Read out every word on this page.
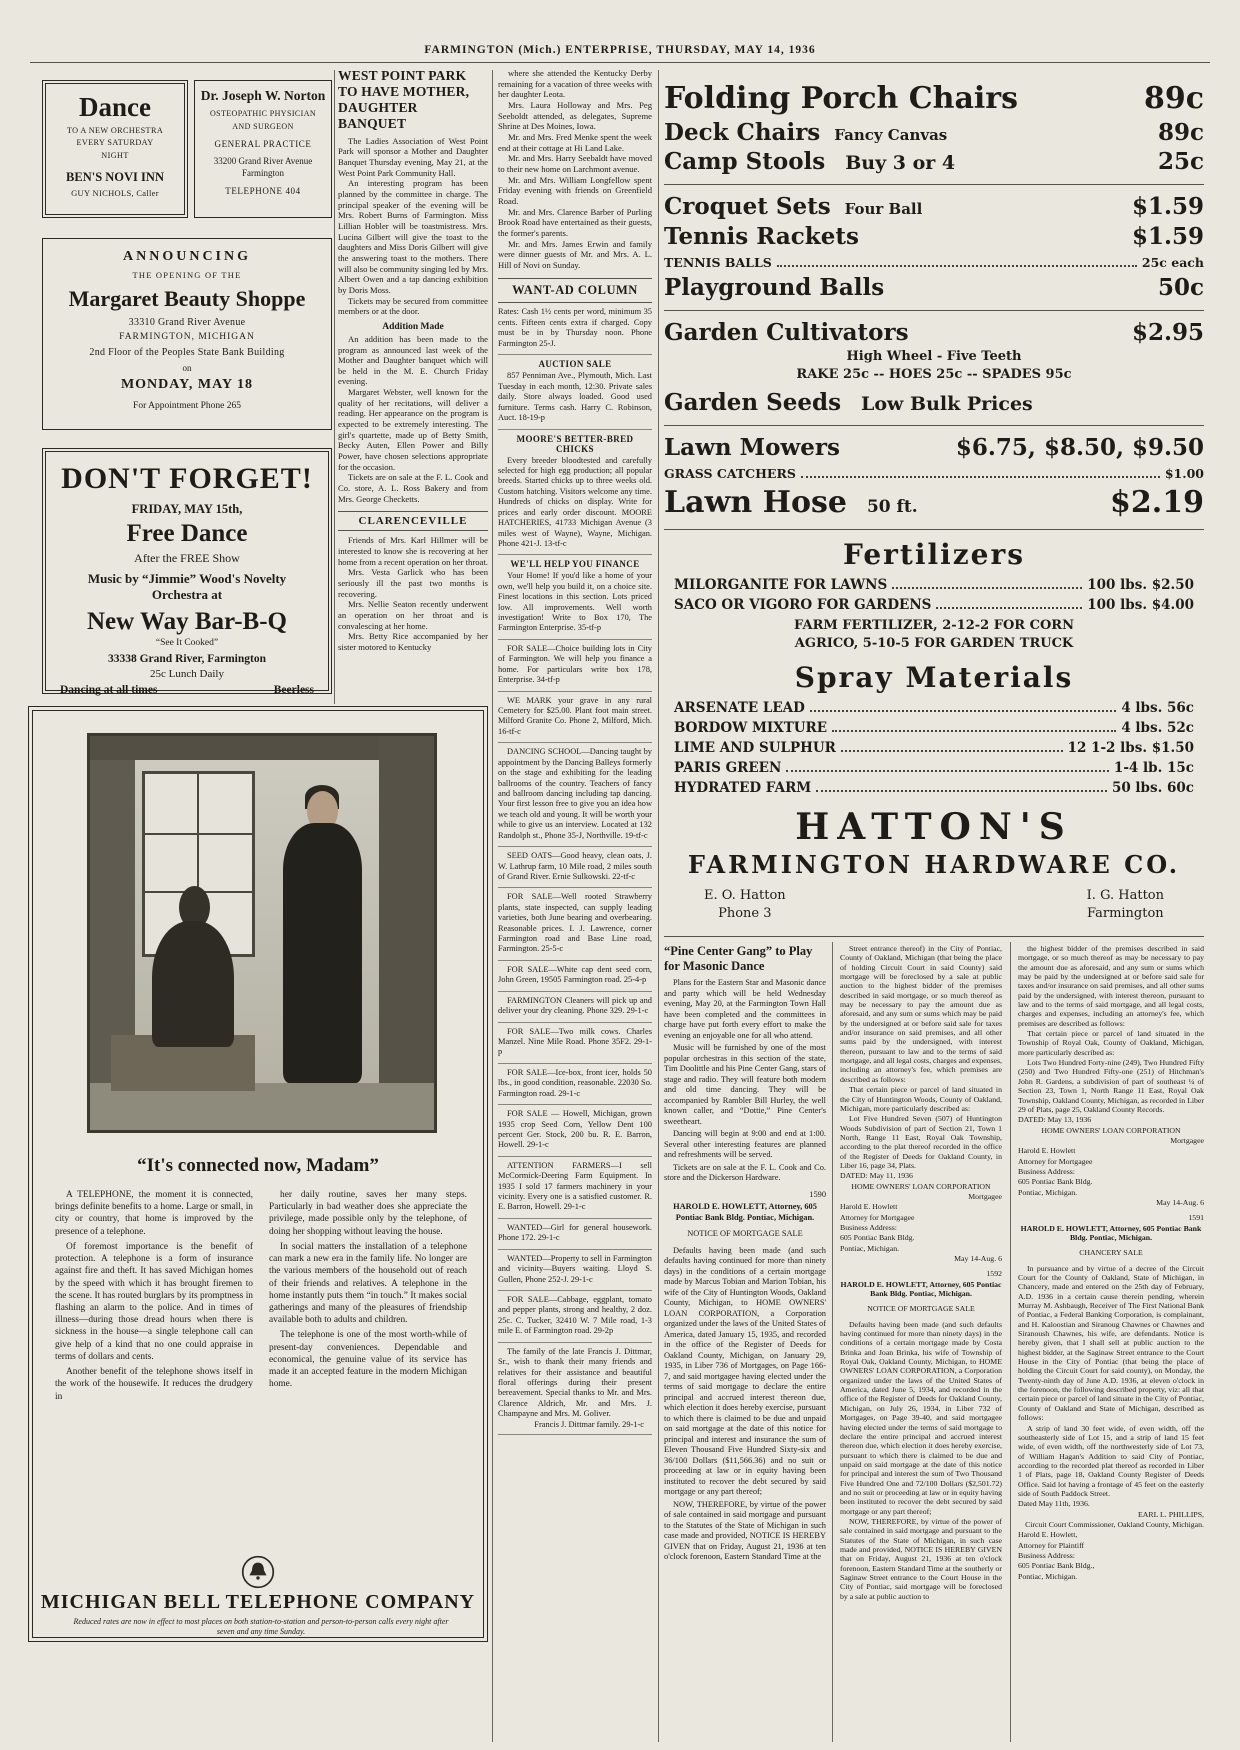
FARMINGTON (Mich.) ENTERPRISE, THURSDAY, MAY 14, 1936
Dance
TO A NEW ORCHESTRA EVERY SATURDAY NIGHT
BEN'S NOVI INN
GUY NICHOLS, Caller
Dr. Joseph W. Norton
OSTEOPATHIC PHYSICIAN AND SURGEON
GENERAL PRACTICE
33200 Grand River Avenue
Farmington
TELEPHONE 404
ANNOUNCING
THE OPENING OF THE
Margaret Beauty Shoppe
33310 Grand River Avenue
FARMINGTON, MICHIGAN
2nd Floor of the Peoples State Bank Building
on
MONDAY, MAY 18
For Appointment Phone 265
DON'T FORGET!
FRIDAY, MAY 15th,
Free Dance
After the FREE Show
Music by “Jimmie” Wood's Novelty Orchestra at
New Way Bar-B-Q
“See It Cooked”
33338 Grand River, Farmington
25c Lunch Daily
Dancing at all times	Beerless
“It's connected now, Madam”

A TELEPHONE, the moment it is connected, brings definite benefits to a home. Large or small, in city or country, that home is improved by the presence of a telephone.

Of foremost importance is the benefit of protection. A telephone is a form of insurance against fire and theft. It has saved Michigan homes by the speed with which it has brought firemen to the scene. It has routed burglars by its promptness in flashing an alarm to the police. And in times of illness—during those dread hours when there is sickness in the house—a single telephone call can give help of a kind that no one could appraise in terms of dollars and cents.

Another benefit of the telephone shows itself in the work of the housewife. It reduces the drudgery in

her daily routine, saves her many steps. Particularly in bad weather does she appreciate the privilege, made possible only by the telephone, of doing her shopping without leaving the house.

In social matters the installation of a telephone can mark a new era in the family life. No longer are the various members of the household out of reach of their friends and relatives. A telephone in the home instantly puts them “in touch.” It makes social gatherings and many of the pleasures of friendship available both to adults and children.

The telephone is one of the most worth-while of present-day conveniences. Dependable and economical, the genuine value of its service has made it an accepted feature in the modern Michigan home.

MICHIGAN BELL TELEPHONE COMPANY
Reduced rates are now in effect to most places on both station-to-station and person-to-person calls every night after seven and any time Sunday.
WEST POINT PARK TO HAVE MOTHER, DAUGHTER BANQUET

The Ladies Association of West Point Park will sponsor a Mother and Daughter Banquet Thursday evening, May 21, at the West Point Park Community Hall.

An interesting program has been planned by the committee in charge. The principal speaker of the evening will be Mrs. Robert Burns of Farmington. Miss Lillian Hobler will be toastmistress. Mrs. Lucina Gilbert will give the toast to the daughters and Miss Doris Gilbert will give the answering toast to the mothers. There will also be community singing led by Mrs. Albert Owen and a tap dancing exhibition by Doris Moss.

Tickets may be secured from committee members or at the door.

Addition Made

An addition has been made to the program as announced last week of the Mother and Daughter banquet which will be held in the M. E. Church Friday evening.

Margaret Webster, well known for the quality of her recitations, will deliver a reading. Her appearance on the program is expected to be extremely interesting. The girl's quartette, made up of Betty Smith, Becky Auten, Ellen Power and Billy Power, have chosen selections appropriate for the occasion.

Tickets are on sale at the F. L. Cook and Co. store, A. L. Ross Bakery and from Mrs. George Checketts.

CLARENCEVILLE

Friends of Mrs. Karl Hillmer will be interested to know she is recovering at her home from a recent operation on her throat.

Mrs. Vesta Garlick who has been seriously ill the past two months is recovering.

Mrs. Nellie Seaton recently underwent an operation on her throat and is convalescing at her home.

Mrs. Betty Rice accompanied by her sister motored to Kentucky

where she attended the Kentucky Derby remaining for a vacation of three weeks with her daughter Leota.

Mrs. Laura Holloway and Mrs. Peg Seeboldt attended, as delegates, Supreme Shrine at Des Moines, Iowa.

Mr. and Mrs. Fred Menke spent the week end at their cottage at Hi Land Lake.

Mr. and Mrs. Harry Seebaldt have moved to their new home on Larchmont avenue.

Mr. and Mrs. William Longfellow spent Friday evening with friends on Greenfield Road.

Mr. and Mrs. Clarence Barber of Purling Brook Road have entertained as their guests, the former's parents.

Mr. and Mrs. James Erwin and family were dinner guests of Mr. and Mrs. A. L. Hill of Novi on Sunday.

WANT-AD COLUMN

Rates: Cash 1½ cents per word, minimum 35 cents. Fifteen cents extra if charged. Copy must be in by Thursday noon. Phone Farmington 25-J.

AUCTION SALE

857 Penniman Ave., Plymouth, Mich. Last Tuesday in each month, 12:30. Private sales daily. Store always loaded. Good used furniture. Terms cash. Harry C. Robinson, Auct. 18-19-p

MOORE'S BETTER-BRED CHICKS

Every breeder bloodtested and carefully selected for high egg production; all popular breeds. Started chicks up to three weeks old. Custom hatching. Visitors welcome any time. Hundreds of chicks on display. Write for prices and early order discount. MOORE HATCHERIES, 41733 Michigan Avenue (3 miles west of Wayne), Wayne, Michigan. Phone 421-J. 13-tf-c

WE'LL HELP YOU FINANCE

Your Home! If you'd like a home of your own, we'll help you build it, on a choice site. Finest locations in this section. Lots priced low. All improvements. Well worth investigation! Write to Box 170, The Farmington Enterprise. 35-tf-p

FOR SALE—Choice building lots in City of Farmington. We will help you finance a home. For particulars write box 178, Enterprise. 34-tf-p

WE MARK your grave in any rural Cemetery for $25.00. Plant foot main street. Milford Granite Co. Phone 2, Milford, Mich. 16-tf-c

DANCING SCHOOL—Dancing taught by appointment by the Dancing Balleys formerly on the stage and exhibiting for the leading ballrooms of the country. Teachers of fancy and ballroom dancing including tap dancing. Your first lesson free to give you an idea how we teach old and young. It will be worth your while to give us an interview. Located at 132 Randolph st., Phone 35-J, Northville. 19-tf-c

SEED OATS—Good heavy, clean oats, J. W. Lathrup farm, 10 Mile road, 2 miles south of Grand River. Ernie Sulkowski. 22-tf-c

FOR SALE—Well rooted Strawberry plants, state inspected, can supply leading varieties, both June bearing and overbearing. Reasonable prices. I. J. Lawrence, corner Farmington road and Base Line road, Farmington. 25-5-c

FOR SALE—White cap dent seed corn, John Green, 19505 Farmington road. 25-4-p

FARMINGTON Cleaners will pick up and deliver your dry cleaning. Phone 329. 29-1-c

FOR SALE—Two milk cows. Charles Manzel. Nine Mile Road. Phone 35F2. 29-1-p

FOR SALE—Ice-box, front icer, holds 50 lbs., in good condition, reasonable. 22030 So. Farmington road. 29-1-c

FOR SALE — Howell, Michigan, grown 1935 crop Seed Corn, Yellow Dent 100 percent Ger. Stock, 200 bu. R. E. Barron, Howell. 29-1-c

ATTENTION FARMERS—I sell McCormick-Deering Farm Equipment. In 1935 I sold 17 farmers machinery in your vicinity. Every one is a satisfied customer. R. E. Barron, Howell. 29-1-c

WANTED—Girl for general housework. Phone 172. 29-1-c

WANTED—Property to sell in Farmington and vicinity—Buyers waiting. Lloyd S. Gullen, Phone 252-J. 29-1-c

FOR SALE—Cabbage, eggplant, tomato and pepper plants, strong and healthy, 2 doz. 25c. C. Tucker, 32410 W. 7 Mile road, 1-3 mile E. of Farmington road. 29-2p

The family of the late Francis J. Dittmar, Sr., wish to thank their many friends and relatives for their assistance and beautiful floral offerings during their present bereavement. Special thanks to Mr. and Mrs. Clarence Aldrich, Mr. and Mrs. J. Champayne and Mrs. M. Goliver.

Francis J. Dittmar family. 29-1-c
Folding Porch Chairs	89c
Deck Chairs Fancy Canvas	89c
Camp Stools Buy 3 or 4	25c
Croquet Sets Four Ball	$1.59
Tennis Rackets	$1.59
TENNIS BALLS	25c each
Playground Balls	50c
Garden Cultivators	$2.95
High Wheel - Five Teeth
RAKE 25c -- HOES 25c -- SPADES 95c
Garden Seeds Low Bulk Prices
Lawn Mowers	$6.75, $8.50, $9.50
GRASS CATCHERS	$1.00
Lawn Hose 50 ft.	$2.19
Fertilizers
MILORGANITE FOR LAWNS	100 lbs. $2.50
SACO OR VIGORO FOR GARDENS	100 lbs. $4.00
FARM FERTILIZER, 2-12-2 FOR CORN
AGRICO, 5-10-5 FOR GARDEN TRUCK
Spray Materials
ARSENATE LEAD	4 lbs. 56c
BORDOW MIXTURE	4 lbs. 52c
LIME AND SULPHUR	12 1-2 lbs. $1.50
PARIS GREEN	1-4 lb. 15c
HYDRATED FARM	50 lbs. 60c
HATTON'S
FARMINGTON HARDWARE CO.
E. O. Hatton
Phone 3
I. G. Hatton
Farmington
“Pine Center Gang” to Play for Masonic Dance

Plans for the Eastern Star and Masonic dance and party which will be held Wednesday evening, May 20, at the Farmington Town Hall have been completed and the committees in charge have put forth every effort to make the evening an enjoyable one for all who attend.

Music will be furnished by one of the most popular orchestras in this section of the state, Tim Doolittle and his Pine Center Gang, stars of stage and radio. They will feature both modern and old time dancing. They will be accompanied by Rambler Bill Hurley, the well known caller, and “Dottie,” Pine Center's sweetheart.

Dancing will begin at 9:00 and end at 1:00. Several other interesting features are planned and refreshments will be served.

Tickets are on sale at the F. L. Cook and Co. store and the Dickerson Hardware.

1590

HAROLD E. HOWLETT, Attorney, 605 Pontiac Bank Bldg. Pontiac, Michigan.

NOTICE OF MORTGAGE SALE

Defaults having been made (and such defaults having continued for more than ninety days) in the conditions of a certain mortgage made by Marcus Tobian and Marion Tobian, his wife of the City of Huntington Woods, Oakland County, Michigan, to HOME OWNERS' LOAN CORPORATION, a Corporation organized under the laws of the United States of America, dated January 15, 1935, and recorded in the office of the Register of Deeds for Oakland County, Michigan, on January 29, 1935, in Liber 736 of Mortgages, on Page 166-7, and said mortgagee having elected under the terms of said mortgage to declare the entire principal and accrued interest thereon due, which election it does hereby exercise, pursuant to which there is claimed to be due and unpaid on said mortgage at the date of this notice for principal and interest and insurance the sum of Eleven Thousand Five Hundred Sixty-six and 36/100 Dollars ($11,566.36) and no suit or proceeding at law or in equity having been instituted to recover the debt secured by said mortgage or any part thereof;

NOW, THEREFORE, by virtue of the power of sale contained in said mortgage and pursuant to the Statutes of the State of Michigan in such case made and provided, NOTICE IS HEREBY GIVEN that on Friday, August 21, 1936 at ten o'clock forenoon, Eastern Standard Time at the

Street entrance thereof) in the City of Pontiac, County of Oakland, Michigan (that being the place of holding Circuit Court in said County) said mortgage will be foreclosed by a sale at public auction to the highest bidder of the premises described in said mortgage, or so much thereof as may be necessary to pay the amount due as aforesaid, and any sum or sums which may be paid by the undersigned at or before said sale for taxes and/or insurance on said premises, and all other sums paid by the undersigned, with interest thereon, pursuant to law and to the terms of said mortgage, and all legal costs, charges and expenses, including an attorney's fee, which premises are described as follows:

That certain piece or parcel of land situated in the City of Huntington Woods, County of Oakland, Michigan, more particularly described as:

Lot Five Hundred Seven (507) of Huntington Woods Subdivision of part of Section 21, Town 1 North, Range 11 East, Royal Oak Township, according to the plat thereof recorded in the office of the Register of Deeds for Oakland County, in Liber 16, page 34, Plats.

DATED: May 11, 1936

HOME OWNERS' LOAN CORPORATION

Mortgagee

Harold E. Howlett

Attorney for Mortgagee

Business Address:

605 Pontiac Bank Bldg.

Pontiac, Michigan.

May 14-Aug. 6

1592

HAROLD E. HOWLETT, Attorney, 605 Pontiac Bank Bldg. Pontiac, Michigan.

NOTICE OF MORTGAGE SALE

Defaults having been made (and such defaults having continued for more than ninety days) in the conditions of a certain mortgage made by Costa Brinka and Joan Brinka, his wife of Township of Royal Oak, Oakland County, Michigan, to HOME OWNERS' LOAN CORPORATION, a Corporation organized under the laws of the United States of America, dated June 5, 1934, and recorded in the office of the Register of Deeds for Oakland County, Michigan, on July 26, 1934, in Liber 732 of Mortgages, on Page 39-40, and said mortgagee having elected under the terms of said mortgage to declare the entire principal and accrued interest thereon due, which election it does hereby exercise, pursuant to which there is claimed to be due and unpaid on said mortgage at the date of this notice for principal and interest the sum of Two Thousand Five Hundred One and 72/100 Dollars ($2,501.72) and no suit or proceeding at law or in equity having been instituted to recover the debt secured by said mortgage or any part thereof;

NOW, THEREFORE, by virtue of the power of sale contained in said mortgage and pursuant to the Statutes of the State of Michigan, in such case made and provided, NOTICE IS HEREBY GIVEN that on Friday, August 21, 1936 at ten o'clock forenoon, Eastern Standard Time at the southerly or Saginaw Street entrance to the Court House in the City of Pontiac, said mortgage will be foreclosed by a sale at public auction to

the highest bidder of the premises described in said mortgage, or so much thereof as may be necessary to pay the amount due as aforesaid, and any sum or sums which may be paid by the undersigned at or before said sale for taxes and/or insurance on said premises, and all other sums paid by the undersigned, with interest thereon, pursuant to law and to the terms of said mortgage, and all legal costs, charges and expenses, including an attorney's fee, which premises are described as follows:

That certain piece or parcel of land situated in the Township of Royal Oak, County of Oakland, Michigan, more particularly described as:

Lots Two Hundred Forty-nine (249), Two Hundred Fifty (250) and Two Hundred Fifty-one (251) of Hitchman's John R. Gardens, a subdivision of part of southeast ¼ of Section 23, Town 1, North Range 11 East, Royal Oak Township, Oakland County, Michigan, as recorded in Liber 29 of Plats, page 25, Oakland County Records.

DATED: May 13, 1936

HOME OWNERS' LOAN CORPORATION

Mortgagee

Harold E. Howlett

Attorney for Mortgagee

Business Address:

605 Pontiac Bank Bldg.

Pontiac, Michigan.

May 14-Aug. 6

1591

HAROLD E. HOWLETT, Attorney, 605 Pontiac Bank Bldg. Pontiac, Michigan.

CHANCERY SALE

In pursuance and by virtue of a decree of the Circuit Court for the County of Oakland, State of Michigan, in Chancery, made and entered on the 25th day of February, A.D. 1936 in a certain cause therein pending, wherein Murray M. Ashbaugh, Receiver of The First National Bank of Pontiac, a Federal Banking Corporation, is complainant, and H. Kaloostian and Siranoug Chawnes or Chawnes and Siranoush Chawnes, his wife, are defendants. Notice is hereby given, that I shall sell at public auction to the highest bidder, at the Saginaw Street entrance to the Court House in the City of Pontiac (that being the place of holding the Circuit Court for said county), on Monday, the Twenty-ninth day of June A.D. 1936, at eleven o'clock in the forenoon, the following described property, viz: all that certain piece or parcel of land situate in the City of Pontiac, County of Oakland and State of Michigan, described as follows:

A strip of land 30 feet wide, of even width, off the southeasterly side of Lot 15, and a strip of land 15 feet wide, of even width, off the northwesterly side of Lot 73, of William Hagan's Addition to said City of Pontiac, according to the recorded plat thereof as recorded in Liber 1 of Plats, page 18, Oakland County Register of Deeds Office. Said lot having a frontage of 45 feet on the easterly side of South Paddock Street.

Dated May 11th, 1936.

EARL L. PHILLIPS,

Circuit Court Commissioner, Oakland County, Michigan.

Harold E. Howlett,

Attorney for Plaintiff

Business Address:

605 Pontiac Bank Bldg.,

Pontiac, Michigan.
